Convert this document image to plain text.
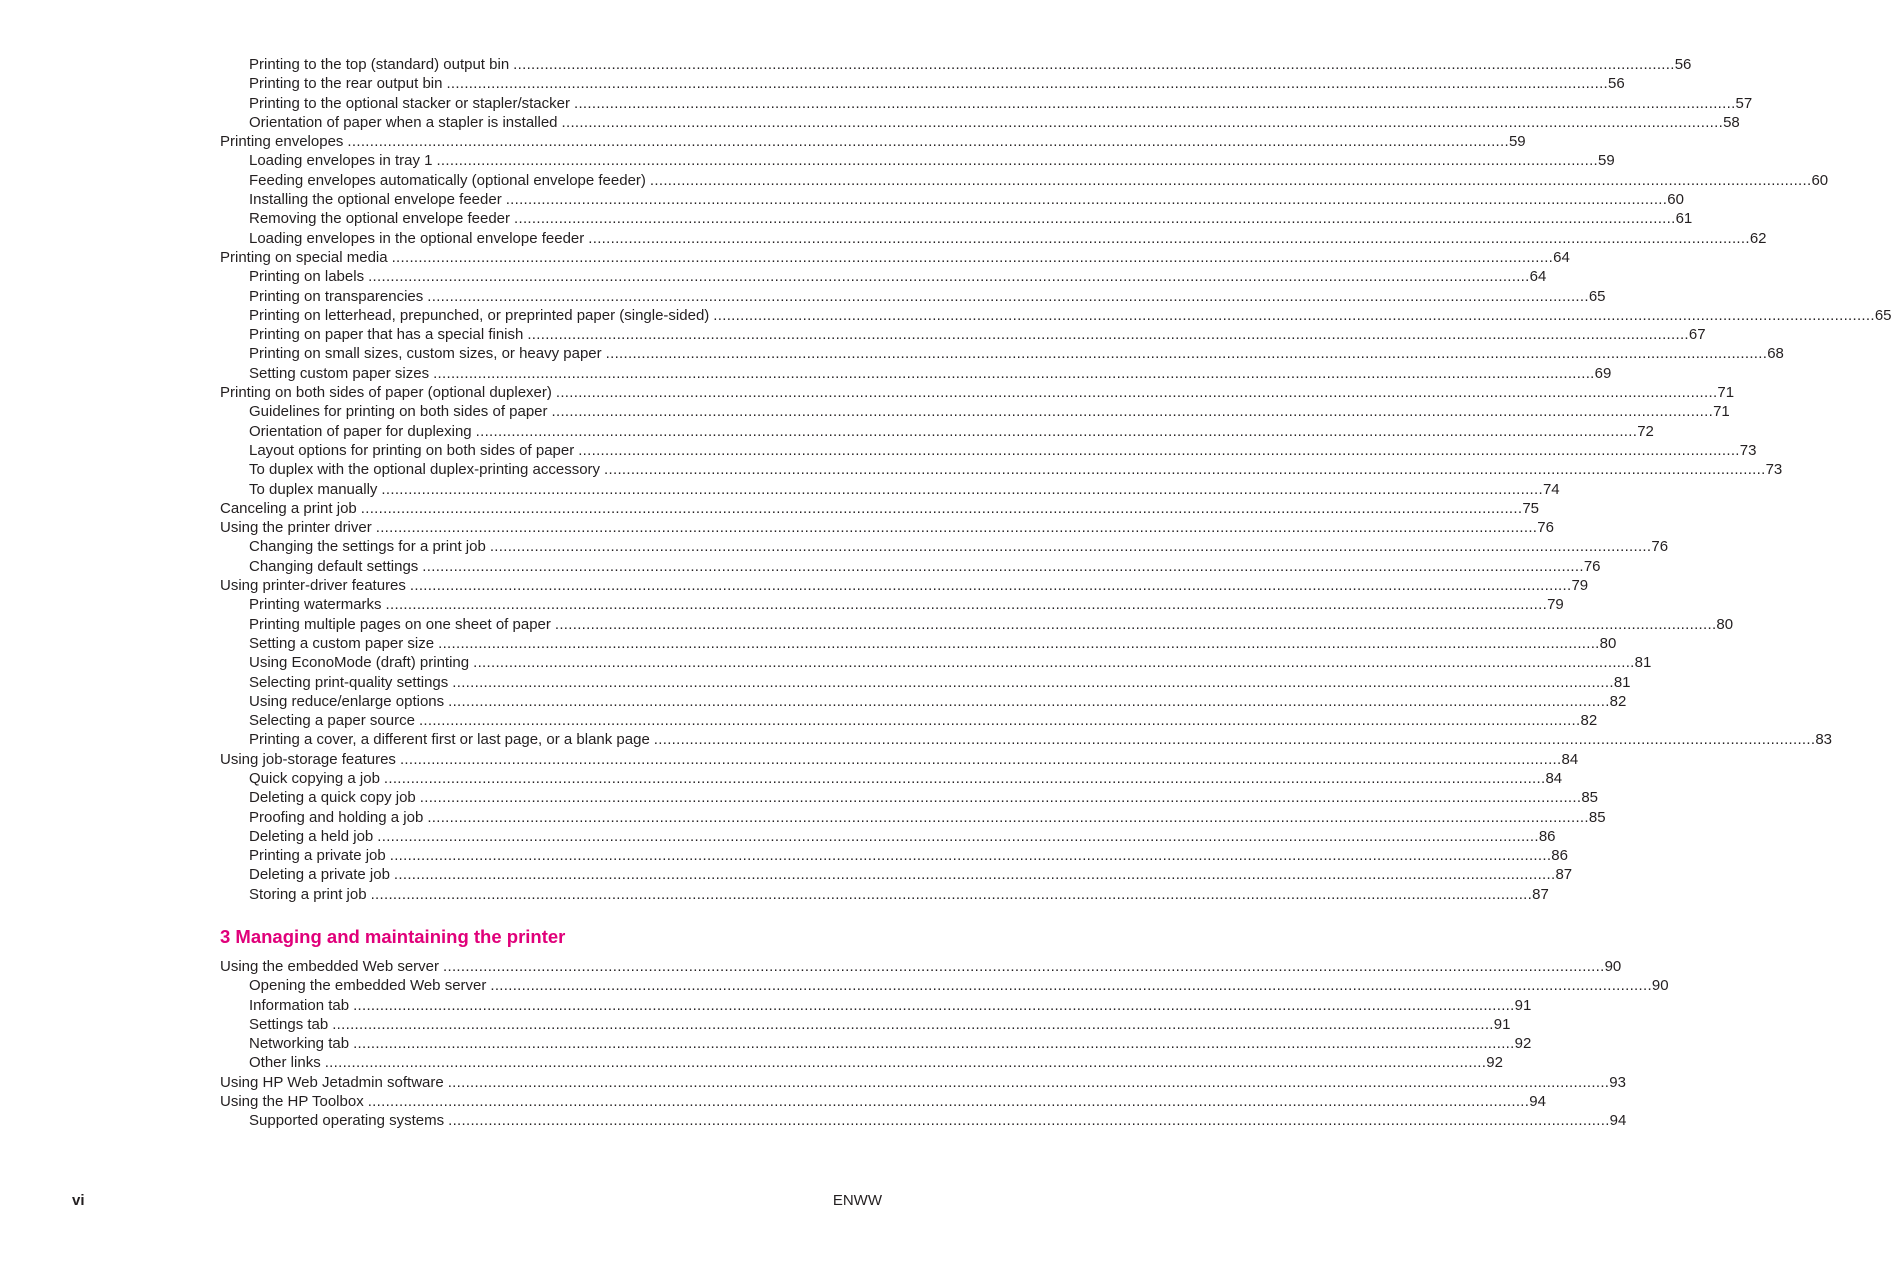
Printing to the top (standard) output bin .................................................................................................................................................................................................................................................................... 56
Printing to the rear output bin .................................................................................................................................................................................................................................................................... 56
Printing to the optional stacker or stapler/stacker .................................................................................................................................................................................................................................................................... 57
Orientation of paper when a stapler is installed .................................................................................................................................................................................................................................................................... 58
Printing envelopes .................................................................................................................................................................................................................................................................... 59
Loading envelopes in tray 1 .................................................................................................................................................................................................................................................................... 59
Feeding envelopes automatically (optional envelope feeder) .................................................................................................................................................................................................................................................................... 60
Installing the optional envelope feeder .................................................................................................................................................................................................................................................................... 60
Removing the optional envelope feeder .................................................................................................................................................................................................................................................................... 61
Loading envelopes in the optional envelope feeder .................................................................................................................................................................................................................................................................... 62
Printing on special media .................................................................................................................................................................................................................................................................... 64
Printing on labels .................................................................................................................................................................................................................................................................... 64
Printing on transparencies .................................................................................................................................................................................................................................................................... 65
Printing on letterhead, prepunched, or preprinted paper (single-sided) .................................................................................................................................................................................................................................................................... 65
Printing on paper that has a special finish .................................................................................................................................................................................................................................................................... 67
Printing on small sizes, custom sizes, or heavy paper .................................................................................................................................................................................................................................................................... 68
Setting custom paper sizes .................................................................................................................................................................................................................................................................... 69
Printing on both sides of paper (optional duplexer) .................................................................................................................................................................................................................................................................... 71
Guidelines for printing on both sides of paper .................................................................................................................................................................................................................................................................... 71
Orientation of paper for duplexing .................................................................................................................................................................................................................................................................... 72
Layout options for printing on both sides of paper .................................................................................................................................................................................................................................................................... 73
To duplex with the optional duplex-printing accessory .................................................................................................................................................................................................................................................................... 73
To duplex manually .................................................................................................................................................................................................................................................................... 74
Canceling a print job .................................................................................................................................................................................................................................................................... 75
Using the printer driver .................................................................................................................................................................................................................................................................... 76
Changing the settings for a print job .................................................................................................................................................................................................................................................................... 76
Changing default settings .................................................................................................................................................................................................................................................................... 76
Using printer-driver features .................................................................................................................................................................................................................................................................... 79
Printing watermarks .................................................................................................................................................................................................................................................................... 79
Printing multiple pages on one sheet of paper .................................................................................................................................................................................................................................................................... 80
Setting a custom paper size .................................................................................................................................................................................................................................................................... 80
Using EconoMode (draft) printing .................................................................................................................................................................................................................................................................... 81
Selecting print-quality settings .................................................................................................................................................................................................................................................................... 81
Using reduce/enlarge options .................................................................................................................................................................................................................................................................... 82
Selecting a paper source .................................................................................................................................................................................................................................................................... 82
Printing a cover, a different first or last page, or a blank page .................................................................................................................................................................................................................................................................... 83
Using job-storage features .................................................................................................................................................................................................................................................................... 84
Quick copying a job .................................................................................................................................................................................................................................................................... 84
Deleting a quick copy job .................................................................................................................................................................................................................................................................... 85
Proofing and holding a job .................................................................................................................................................................................................................................................................... 85
Deleting a held job .................................................................................................................................................................................................................................................................... 86
Printing a private job .................................................................................................................................................................................................................................................................... 86
Deleting a private job .................................................................................................................................................................................................................................................................... 87
Storing a print job .................................................................................................................................................................................................................................................................... 87
3 Managing and maintaining the printer
Using the embedded Web server .................................................................................................................................................................................................................................................................... 90
Opening the embedded Web server .................................................................................................................................................................................................................................................................... 90
Information tab .................................................................................................................................................................................................................................................................... 91
Settings tab .................................................................................................................................................................................................................................................................... 91
Networking tab .................................................................................................................................................................................................................................................................... 92
Other links .................................................................................................................................................................................................................................................................... 92
Using HP Web Jetadmin software .................................................................................................................................................................................................................................................................... 93
Using the HP Toolbox .................................................................................................................................................................................................................................................................... 94
Supported operating systems .................................................................................................................................................................................................................................................................... 94
vi	ENWW
